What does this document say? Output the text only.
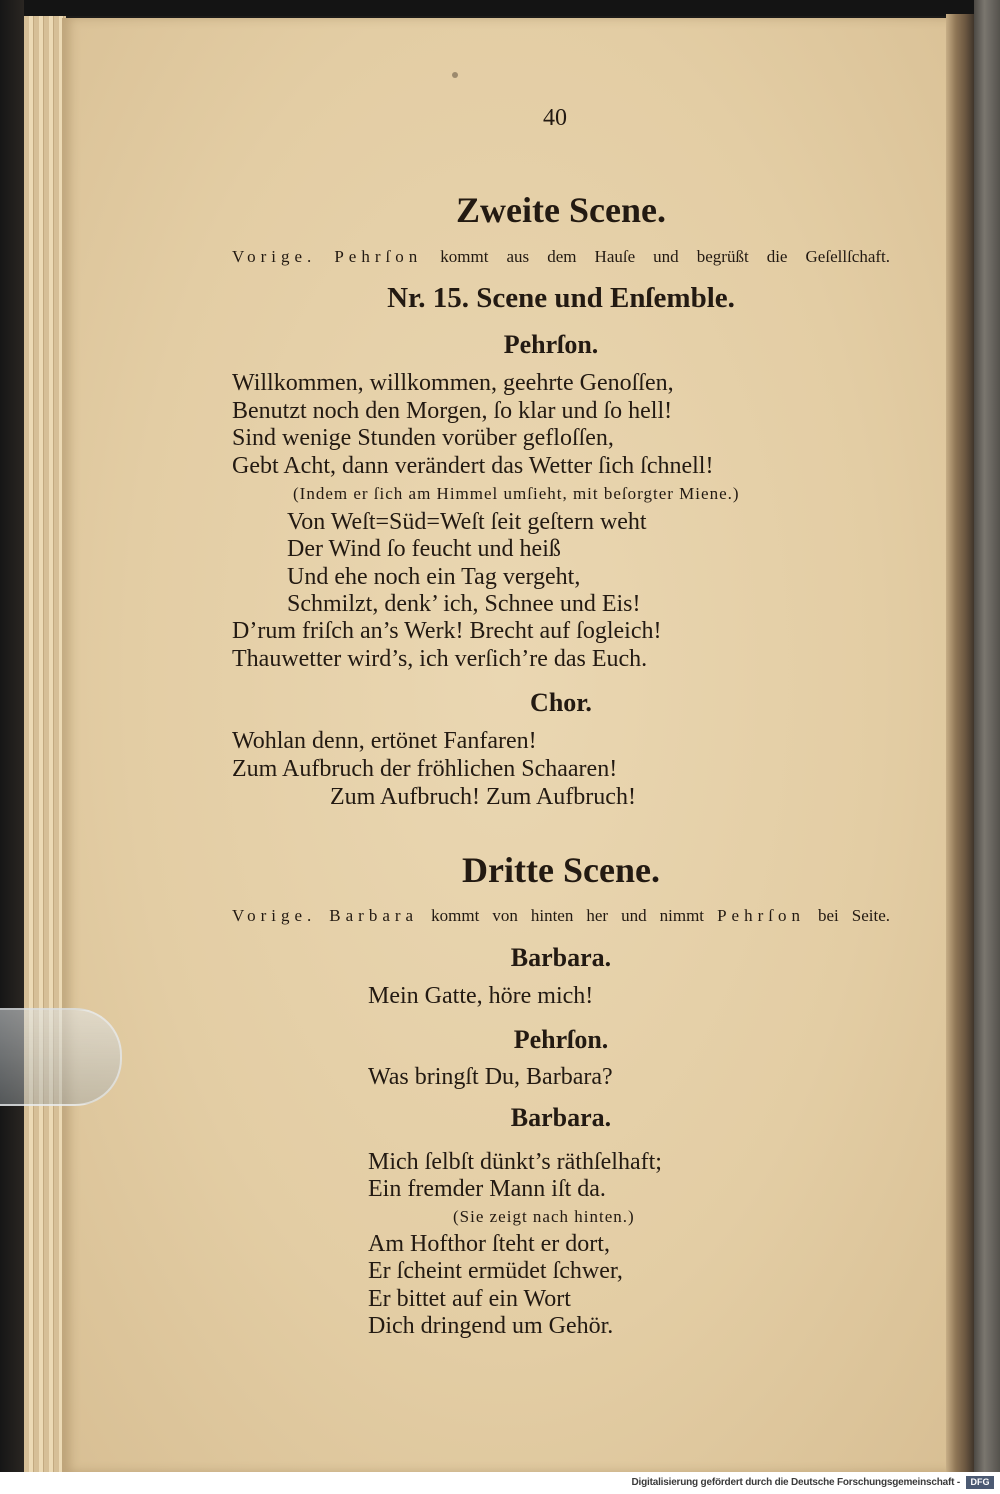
40
Zweite Scene.
Vorige. Pehrſon kommt aus dem Hauſe und begrüßt die Geſellſchaft.
Nr. 15. Scene und Enſemble.
Pehrſon.
Willkommen, willkommen, geehrte Genoſſen,
Benutzt noch den Morgen, ſo klar und ſo hell!
Sind wenige Stunden vorüber gefloſſen,
Gebt Acht, dann verändert das Wetter ſich ſchnell!
(Indem er ſich am Himmel umſieht, mit beſorgter Miene.)
Von Weſt=Süd=Weſt ſeit geſtern weht
Der Wind ſo feucht und heiß
Und ehe noch ein Tag vergeht,
Schmilzt, denk’ ich, Schnee und Eis!
D’rum friſch an’s Werk! Brecht auf ſogleich!
Thauwetter wird’s, ich verſich’re das Euch.
Chor.
Wohlan denn, ertönet Fanfaren!
Zum Aufbruch der fröhlichen Schaaren!
Zum Aufbruch! Zum Aufbruch!
Dritte Scene.
Vorige. Barbara kommt von hinten her und nimmt Pehrſon bei Seite.
Barbara.
Mein Gatte, höre mich!
Pehrſon.
Was bringſt Du, Barbara?
Barbara.
Mich ſelbſt dünkt’s räthſelhaft;
Ein fremder Mann iſt da.
(Sie zeigt nach hinten.)
Am Hofthor ſteht er dort,
Er ſcheint ermüdet ſchwer,
Er bittet auf ein Wort
Dich dringend um Gehör.
Digitalisierung gefördert durch die Deutsche Forschungsgemeinschaft -	DFG
